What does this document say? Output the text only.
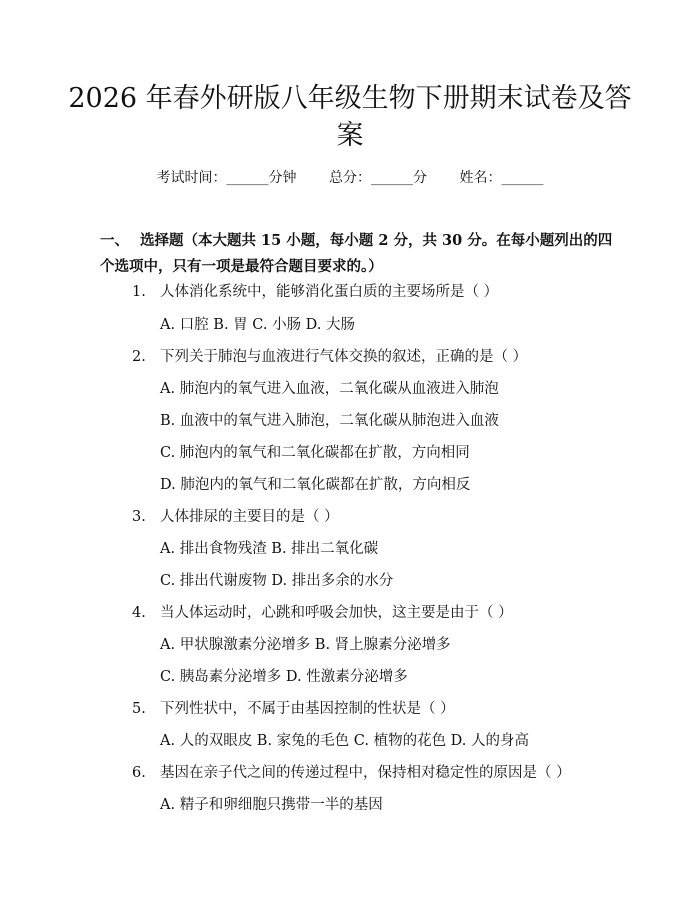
2026 年春外研版八年级生物下册期末试卷及答案
考试时间：______分钟 总分：______分 姓名：______
一、 选择题（本大题共 15 小题，每小题 2 分，共 30 分。在每小题列出的四个选项中，只有一项是最符合题目要求的。）
1. 人体消化系统中，能够消化蛋白质的主要场所是（ ）
A. 口腔 B. 胃 C. 小肠 D. 大肠
2. 下列关于肺泡与血液进行气体交换的叙述，正确的是（ ）
A. 肺泡内的氧气进入血液，二氧化碳从血液进入肺泡
B. 血液中的氧气进入肺泡，二氧化碳从肺泡进入血液
C. 肺泡内的氧气和二氧化碳都在扩散，方向相同
D. 肺泡内的氧气和二氧化碳都在扩散，方向相反
3. 人体排尿的主要目的是（ ）
A. 排出食物残渣 B. 排出二氧化碳
C. 排出代谢废物 D. 排出多余的水分
4. 当人体运动时，心跳和呼吸会加快，这主要是由于（ ）
A. 甲状腺激素分泌增多 B. 肾上腺素分泌增多
C. 胰岛素分泌增多 D. 性激素分泌增多
5. 下列性状中，不属于由基因控制的性状是（ ）
A. 人的双眼皮 B. 家兔的毛色 C. 植物的花色 D. 人的身高
6. 基因在亲子代之间的传递过程中，保持相对稳定性的原因是（ ）
A. 精子和卵细胞只携带一半的基因
